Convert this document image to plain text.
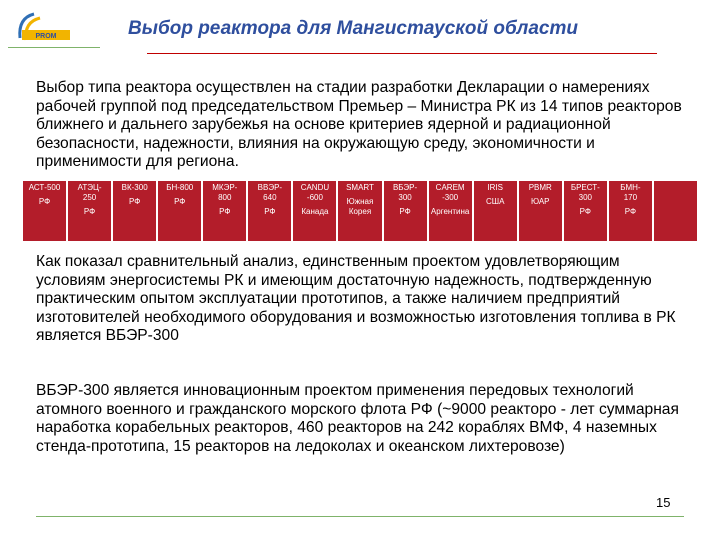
PROM	Выбор реактора для Мангистауской области

Выбор типа реактора осуществлен на стадии разработки Декларации о намерениях рабочей группой под председательством Премьер – Министра РК из 14 типов реакторов ближнего и дальнего зарубежья на основе критериев ядерной и радиационной безопасности, надежности, влияния на окружающую среду, экономичности и применимости для региона.

АСТ-500
РФ
АТЭЦ-
250
РФ
ВК-300
РФ
БН-800
РФ
МКЭР-
800
РФ
ВВЭР-
640
РФ
CANDU
-600
Канада
SMART
Южная
Корея
ВБЭР-
300
РФ
CAREM
-300
Аргентина
IRIS
США
PBMR
ЮАР
БРЕСТ-
300
РФ
БМН-
170
РФ

Как показал сравнительный анализ, единственным проектом удовлетворяющим условиям энергосистемы РК и имеющим достаточную надежность, подтвержденную практическим опытом эксплуатации прототипов, а также наличием предприятий изготовителей необходимого оборудования и возможностью изготовления топлива в РК является ВБЭР-300

ВБЭР-300 является инновационным проектом применения передовых технологий атомного военного и гражданского морского флота РФ (~9000 реакторо - лет суммарная наработка корабельных реакторов, 460 реакторов на 242 кораблях ВМФ, 4 наземных стенда-прототипа, 15 реакторов на ледоколах и океанском лихтеровозе)

15
